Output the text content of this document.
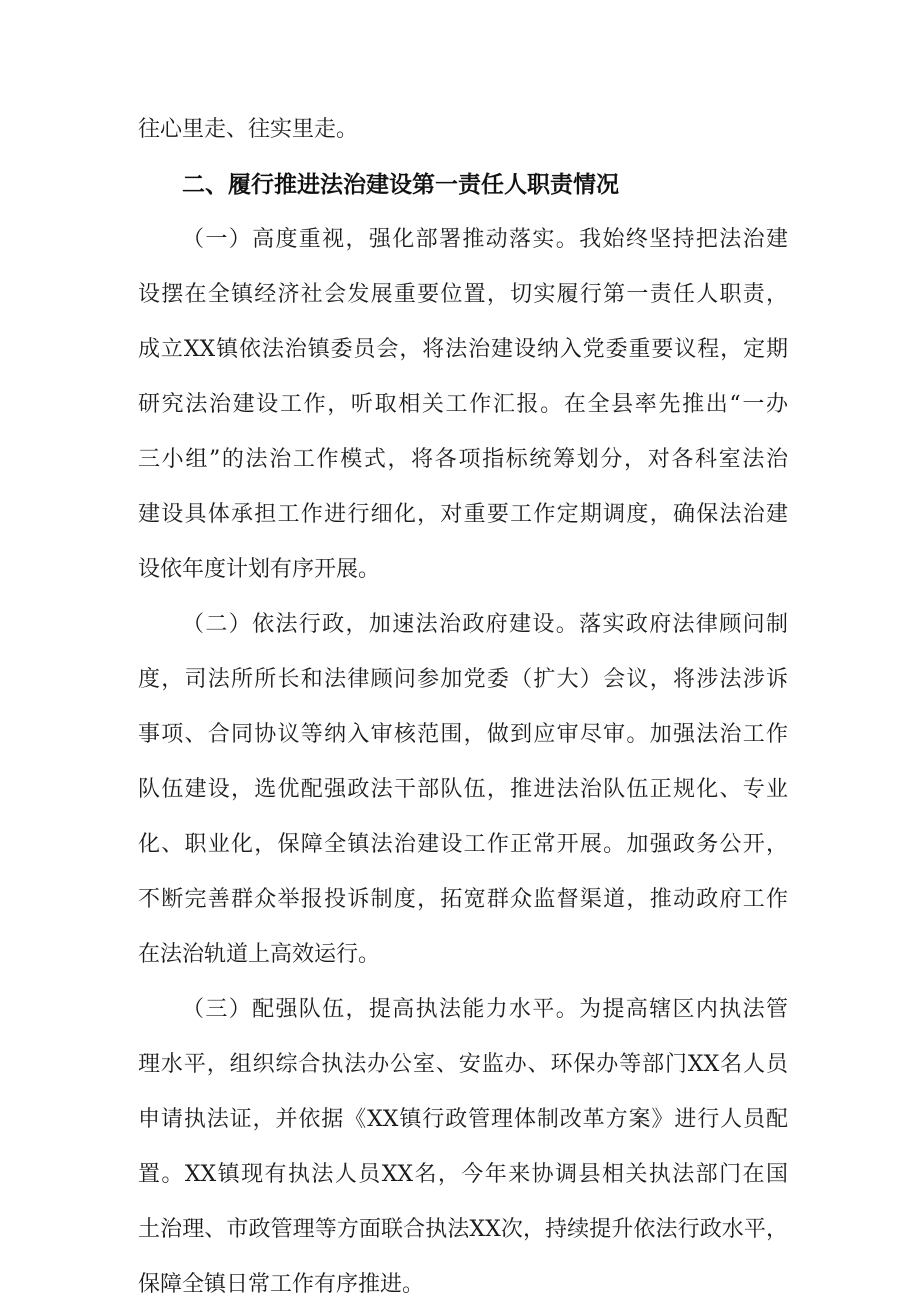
往心里走、往实里走。
二、履行推进法治建设第一责任人职责情况
（一）高度重视，强化部署推动落实。我始终坚持把法治建
设摆在全镇经济社会发展重要位置，切实履行第一责任人职责，
成立XX镇依法治镇委员会，将法治建设纳入党委重要议程，定期
研究法治建设工作，听取相关工作汇报。在全县率先推出“一办
三小组”的法治工作模式，将各项指标统筹划分，对各科室法治
建设具体承担工作进行细化，对重要工作定期调度，确保法治建
设依年度计划有序开展。
（二）依法行政，加速法治政府建设。落实政府法律顾问制
度，司法所所长和法律顾问参加党委（扩大）会议，将涉法涉诉
事项、合同协议等纳入审核范围，做到应审尽审。加强法治工作
队伍建设，选优配强政法干部队伍，推进法治队伍正规化、专业
化、职业化，保障全镇法治建设工作正常开展。加强政务公开，
不断完善群众举报投诉制度，拓宽群众监督渠道，推动政府工作
在法治轨道上高效运行。
（三）配强队伍，提高执法能力水平。为提高辖区内执法管
理水平，组织综合执法办公室、安监办、环保办等部门XX名人员
申请执法证，并依据《XX镇行政管理体制改革方案》进行人员配
置。XX镇现有执法人员XX名，今年来协调县相关执法部门在国
土治理、市政管理等方面联合执法XX次，持续提升依法行政水平，
保障全镇日常工作有序推进。
